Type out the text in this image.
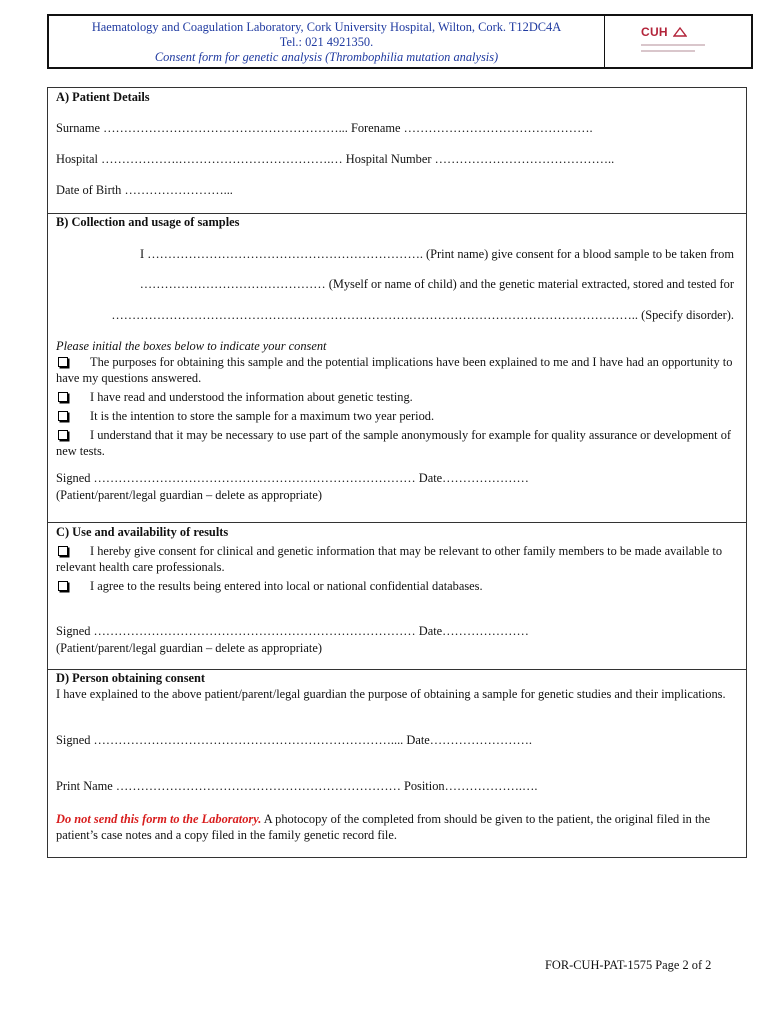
Haematology and Coagulation Laboratory, Cork University Hospital, Wilton, Cork. T12DC4A
Tel.: 021 4921350.
Consent form for genetic analysis (Thrombophilia mutation analysis)
CUH
A) Patient Details
Surname …………………………………………………... Forename ……………………………………….
Hospital ……………….……………………………….… Hospital Number ……………………………………..
Date of Birth ……………………...
B) Collection and usage of samples
I …………………………………………………………. (Print name) give consent for a blood sample to be taken from
……………………………………… (Myself or name of child) and the genetic material extracted, stored and tested for
……………………………………………………………………………………………………………….. (Specify disorder).
Please initial the boxes below to indicate your consent
The purposes for obtaining this sample and the potential implications have been explained to me and I have had an opportunity to have my questions answered.
I have read and understood the information about genetic testing.
It is the intention to store the sample for a maximum two year period.
I understand that it may be necessary to use part of the sample anonymously for example for quality assurance or development of new tests.
Signed …………………………………………………………………… Date…………………
(Patient/parent/legal guardian – delete as appropriate)
C) Use and availability of results
I hereby give consent for clinical and genetic information that may be relevant to other family members to be made available to relevant health care professionals.
I agree to the results being entered into local or national confidential databases.
Signed …………………………………………………………………… Date…………………
(Patient/parent/legal guardian – delete as appropriate)
D) Person obtaining consent
I have explained to the above patient/parent/legal guardian the purpose of obtaining a sample for genetic studies and their implications.
Signed ……………………………………………………………….... Date…………………….
Print Name …………………………………………………………… Position……………….….
Do not send this form to the Laboratory. A photocopy of the completed from should be given to the patient, the original filed in the patient’s case notes and a copy filed in the family genetic record file.
FOR-CUH-PAT-1575 Page 2 of 2
